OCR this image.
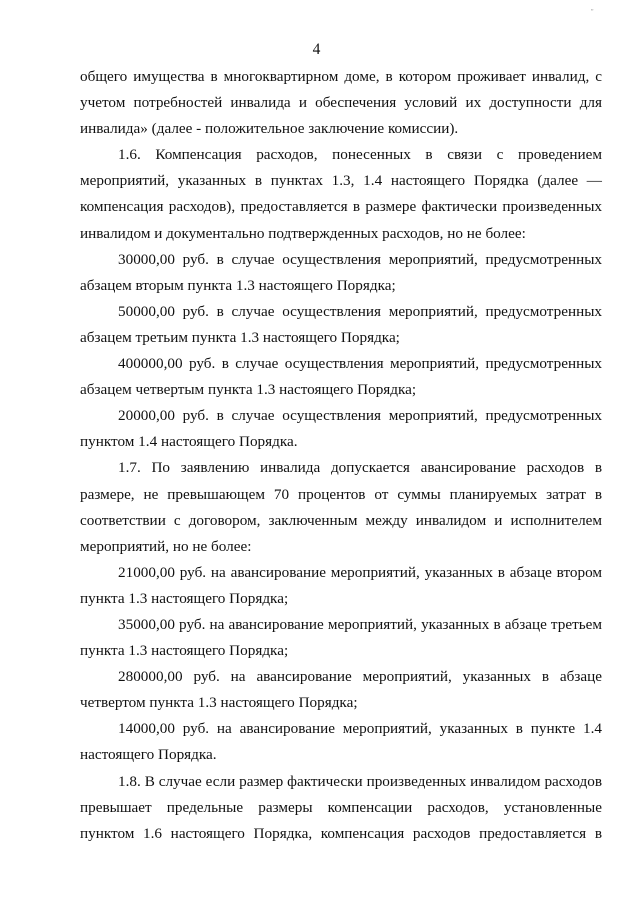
''
4
общего имущества в многоквартирном доме, в котором проживает инвалид, с
учетом потребностей инвалида и обеспечения условий их доступности для
инвалида» (далее - положительное заключение комиссии).
1.6. Компенсация расходов, понесенных в связи с проведением
мероприятий, указанных в пунктах 1.3, 1.4 настоящего Порядка (далее —
компенсация расходов), предоставляется в размере фактически произведенных
инвалидом и документально подтвержденных расходов, но не более:
30000,00 руб. в случае осуществления мероприятий, предусмотренных
абзацем вторым пункта 1.3 настоящего Порядка;
50000,00 руб. в случае осуществления мероприятий, предусмотренных
абзацем третьим пункта 1.3 настоящего Порядка;
400000,00 руб. в случае осуществления мероприятий, предусмотренных
абзацем четвертым пункта 1.3 настоящего Порядка;
20000,00 руб. в случае осуществления мероприятий, предусмотренных
пунктом 1.4 настоящего Порядка.
1.7. По заявлению инвалида допускается авансирование расходов в
размере, не превышающем 70 процентов от суммы планируемых затрат в
соответствии с договором, заключенным между инвалидом и исполнителем
мероприятий, но не более:
21000,00 руб. на авансирование мероприятий, указанных в абзаце втором
пункта 1.3 настоящего Порядка;
35000,00 руб. на авансирование мероприятий, указанных в абзаце третьем
пункта 1.3 настоящего Порядка;
280000,00 руб. на авансирование мероприятий, указанных в абзаце
четвертом пункта 1.3 настоящего Порядка;
14000,00 руб. на авансирование мероприятий, указанных в пункте 1.4
настоящего Порядка.
1.8. В случае если размер фактически произведенных инвалидом расходов
превышает предельные размеры компенсации расходов, установленные
пунктом 1.6 настоящего Порядка, компенсация расходов предоставляется в
